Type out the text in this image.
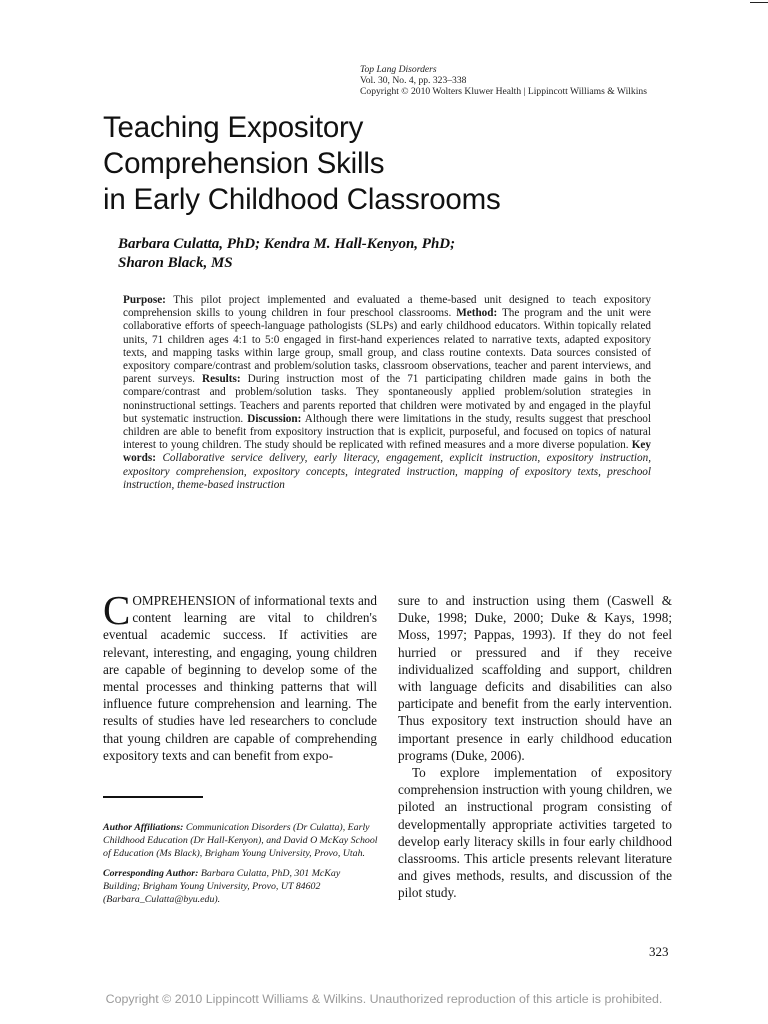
Top Lang Disorders
Vol. 30, No. 4, pp. 323–338
Copyright © 2010 Wolters Kluwer Health | Lippincott Williams & Wilkins
Teaching Expository
Comprehension Skills
in Early Childhood Classrooms
Barbara Culatta, PhD; Kendra M. Hall-Kenyon, PhD;
Sharon Black, MS

Purpose: This pilot project implemented and evaluated a theme-based unit designed to teach expository comprehension skills to young children in four preschool classrooms. Method: The program and the unit were collaborative efforts of speech-language pathologists (SLPs) and early childhood educators. Within topically related units, 71 children ages 4:1 to 5:0 engaged in first-hand experiences related to narrative texts, adapted expository texts, and mapping tasks within large group, small group, and class routine contexts. Data sources consisted of expository compare/contrast and problem/solution tasks, classroom observations, teacher and parent interviews, and parent surveys. Results: During instruction most of the 71 participating children made gains in both the compare/contrast and problem/solution tasks. They spontaneously applied problem/solution strategies in noninstructional settings. Teachers and parents reported that children were motivated by and engaged in the playful but systematic instruction. Discussion: Although there were limitations in the study, results suggest that preschool children are able to benefit from expository instruction that is explicit, purposeful, and focused on topics of natural interest to young children. The study should be replicated with refined measures and a more diverse population. Key words: Collaborative service delivery, early literacy, engagement, explicit instruction, expository instruction, expository comprehension, expository concepts, integrated instruction, mapping of expository texts, preschool instruction, theme-based instruction

COMPREHENSION of informational texts and content learning are vital to children's eventual academic success. If activities are relevant, interesting, and engaging, young children are capable of beginning to develop some of the mental processes and thinking patterns that will influence future comprehension and learning. The results of studies have led researchers to conclude that young children are capable of comprehending expository texts and can benefit from expo-

sure to and instruction using them (Caswell & Duke, 1998; Duke, 2000; Duke & Kays, 1998; Moss, 1997; Pappas, 1993). If they do not feel hurried or pressured and if they receive individualized scaffolding and support, children with language deficits and disabilities can also participate and benefit from the early intervention. Thus expository text instruction should have an important presence in early childhood education programs (Duke, 2006).

To explore implementation of expository comprehension instruction with young children, we piloted an instructional program consisting of developmentally appropriate activities targeted to develop early literacy skills in four early childhood classrooms. This article presents relevant literature and gives methods, results, and discussion of the pilot study.

Author Affiliations: Communication Disorders (Dr Culatta), Early Childhood Education (Dr Hall-Kenyon), and David O McKay School of Education (Ms Black), Brigham Young University, Provo, Utah.

Corresponding Author: Barbara Culatta, PhD, 301 McKay Building; Brigham Young University, Provo, UT 84602 (Barbara_Culatta@byu.edu).

323
Copyright © 2010 Lippincott Williams & Wilkins. Unauthorized reproduction of this article is prohibited.
